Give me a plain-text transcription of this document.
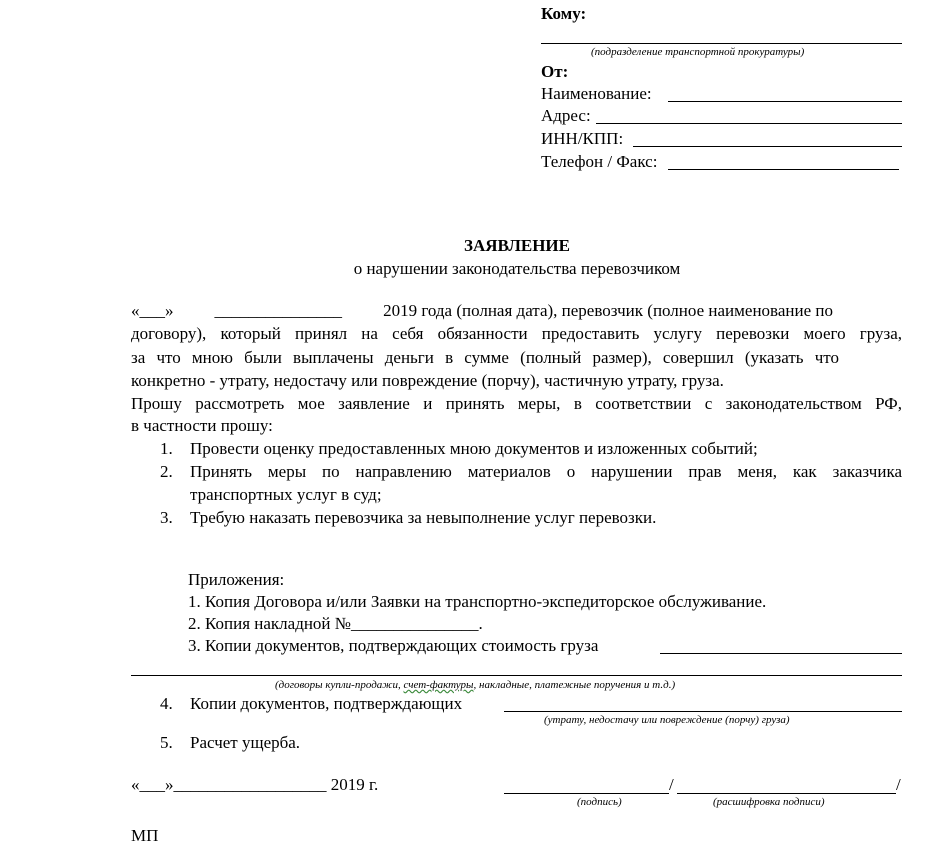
Кому:
(подразделение транспортной прокуратуры)
От:
Наименование:
Адрес:
ИНН/КПП:
Телефон / Факс:
ЗАЯВЛЕНИЕ
о нарушении законодательства перевозчиком
«___» _______________ 2019 года (полная дата), перевозчик (полное наименование по
договору), который принял на себя обязанности предоставить услугу перевозки моего груза,
за что мною были выплачены деньги в сумме (полный размер), совершил (указать что
конкретно - утрату, недостачу или повреждение (порчу), частичную утрату, груза.
Прошу рассмотреть мое заявление и принять меры, в соответствии с законодательством РФ,
в частности прошу:
1. Провести оценку предоставленных мною документов и изложенных событий;
2.	Принять меры по направлению материалов о нарушении прав меня, как заказчика
транспортных услуг в суд;
3. Требую наказать перевозчика за невыполнение услуг перевозки.
Приложения:
1. Копия Договора и/или Заявки на транспортно-экспедиторское обслуживание.
2. Копия накладной №_______________.
3. Копии документов, подтверждающих стоимость груза
(договоры купли-продажи, счет-фактуры, накладные, платежные поручения и т.д.)
4. Копии документов, подтверждающих
(утрату, недостачу или повреждение (порчу) груза)
5. Расчет ущерба.
«___»__________________ 2019 г.	/	/
(подпись)	(расшифровка подписи)
МП
